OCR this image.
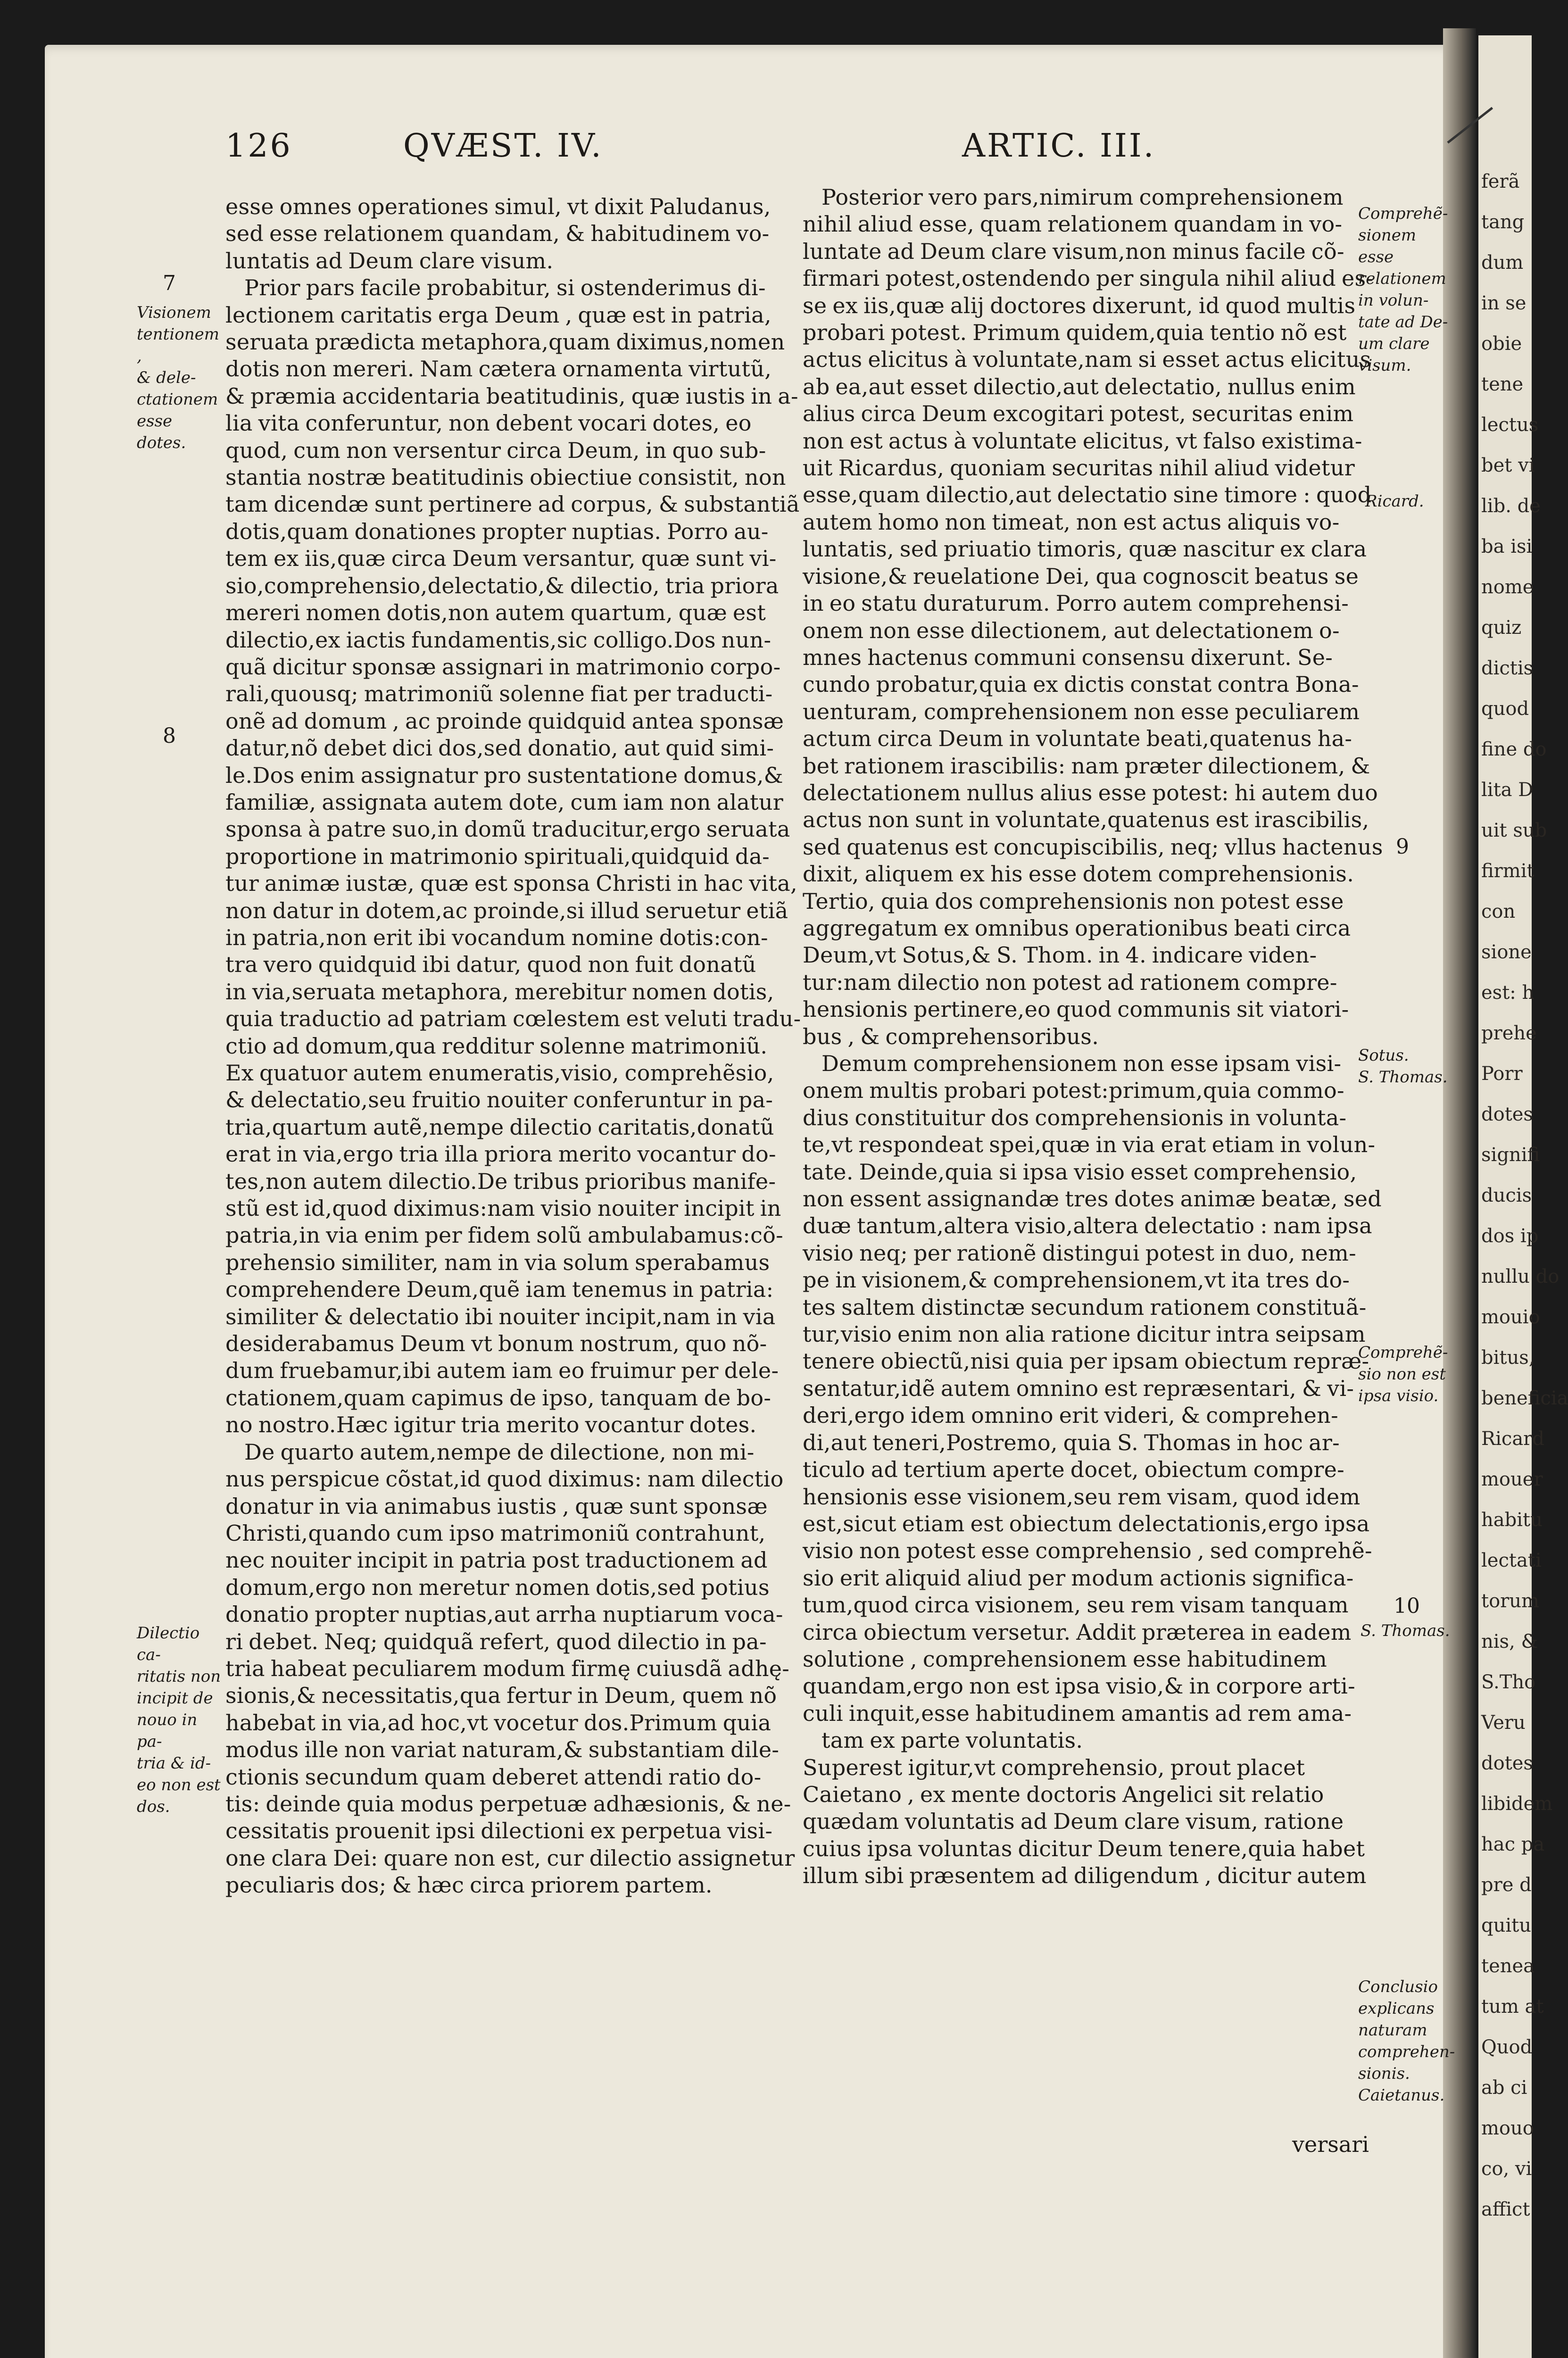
ferã
tang
dum
in se
obie
tene
lectus
bet vi
lib. de
ba isi
nome
quiz
dictis
quod
fine do
lita D
uit sub
firmit
con
sione
est: h
prehe
Porr
dotes
signifi
ducis
dos ip
nullu do
mouio
bitus,
beneficia
Ricard
mouer
habitu
lectati
torum
nis, &
S.Tho
Veru
dotes
libidem
hac pa
pre d
quitu
tenea
tum at
Quod
ab ci
mouo
co, vi
affict
126	QVÆST. IV.	ARTIC. III.
esse omnes operationes simul, vt dixit Paludanus,
sed esse relationem quandam, & habitudinem vo-
luntatis ad Deum clare visum.
Prior pars facile probabitur, si ostenderimus di-
lectionem caritatis erga Deum , quæ est in patria,
seruata prædicta metaphora,quam diximus,nomen
dotis non mereri. Nam cætera ornamenta virtutũ,
& præmia accidentaria beatitudinis, quæ iustis in a-
lia vita conferuntur, non debent vocari dotes, eo
quod, cum non versentur circa Deum, in quo sub-
stantia nostræ beatitudinis obiectiue consistit, non
tam dicendæ sunt pertinere ad corpus, & substantiã
dotis,quam donationes propter nuptias. Porro au-
tem ex iis,quæ circa Deum versantur, quæ sunt vi-
sio,comprehensio,delectatio,& dilectio, tria priora
mereri nomen dotis,non autem quartum, quæ est
dilectio,ex iactis fundamentis,sic colligo.Dos nun-
quã dicitur sponsæ assignari in matrimonio corpo-
rali,quousq; matrimoniũ solenne fiat per traducti-
onẽ ad domum , ac proinde quidquid antea sponsæ
datur,nõ debet dici dos,sed donatio, aut quid simi-
le.Dos enim assignatur pro sustentatione domus,&
familiæ, assignata autem dote, cum iam non alatur
sponsa à patre suo,in domũ traducitur,ergo seruata
proportione in matrimonio spirituali,quidquid da-
tur animæ iustæ, quæ est sponsa Christi in hac vita,
non datur in dotem,ac proinde,si illud seruetur etiã
in patria,non erit ibi vocandum nomine dotis:con-
tra vero quidquid ibi datur, quod non fuit donatũ
in via,seruata metaphora, merebitur nomen dotis,
quia traductio ad patriam cœlestem est veluti tradu-
ctio ad domum,qua redditur solenne matrimoniũ.
Ex quatuor autem enumeratis,visio, comprehẽsio,
& delectatio,seu fruitio nouiter conferuntur in pa-
tria,quartum autẽ,nempe dilectio caritatis,donatũ
erat in via,ergo tria illa priora merito vocantur do-
tes,non autem dilectio.De tribus prioribus manife-
stũ est id,quod diximus:nam visio nouiter incipit in
patria,in via enim per fidem solũ ambulabamus:cõ-
prehensio similiter, nam in via solum sperabamus
comprehendere Deum,quẽ iam tenemus in patria:
similiter & delectatio ibi nouiter incipit,nam in via
desiderabamus Deum vt bonum nostrum, quo nõ-
dum fruebamur,ibi autem iam eo fruimur per dele-
ctationem,quam capimus de ipso, tanquam de bo-
no nostro.Hæc igitur tria merito vocantur dotes.
De quarto autem,nempe de dilectione, non mi-
nus perspicue cõstat,id quod diximus: nam dilectio
donatur in via animabus iustis , quæ sunt sponsæ
Christi,quando cum ipso matrimoniũ contrahunt,
nec nouiter incipit in patria post traductionem ad
domum,ergo non meretur nomen dotis,sed potius
donatio propter nuptias,aut arrha nuptiarum voca-
ri debet. Neq; quidquã refert, quod dilectio in pa-
tria habeat peculiarem modum firmę cuiusdã adhę-
sionis,& necessitatis,qua fertur in Deum, quem nõ
habebat in via,ad hoc,vt vocetur dos.Primum quia
modus ille non variat naturam,& substantiam dile-
ctionis secundum quam deberet attendi ratio do-
tis: deinde quia modus perpetuæ adhæsionis, & ne-
cessitatis prouenit ipsi dilectioni ex perpetua visi-
one clara Dei: quare non est, cur dilectio assignetur
peculiaris dos; & hæc circa priorem partem.
Posterior vero pars,nimirum comprehensionem
nihil aliud esse, quam relationem quandam in vo-
luntate ad Deum clare visum,non minus facile cõ-
firmari potest,ostendendo per singula nihil aliud es-
se ex iis,quæ alij doctores dixerunt, id quod multis
probari potest. Primum quidem,quia tentio nõ est
actus elicitus à voluntate,nam si esset actus elicitus
ab ea,aut esset dilectio,aut delectatio, nullus enim
alius circa Deum excogitari potest, securitas enim
non est actus à voluntate elicitus, vt falso existima-
uit Ricardus, quoniam securitas nihil aliud videtur
esse,quam dilectio,aut delectatio sine timore : quod
autem homo non timeat, non est actus aliquis vo-
luntatis, sed priuatio timoris, quæ nascitur ex clara
visione,& reuelatione Dei, qua cognoscit beatus se
in eo statu duraturum. Porro autem comprehensi-
onem non esse dilectionem, aut delectationem o-
mnes hactenus communi consensu dixerunt. Se-
cundo probatur,quia ex dictis constat contra Bona-
uenturam, comprehensionem non esse peculiarem
actum circa Deum in voluntate beati,quatenus ha-
bet rationem irascibilis: nam præter dilectionem, &
delectationem nullus alius esse potest: hi autem duo
actus non sunt in voluntate,quatenus est irascibilis,
sed quatenus est concupiscibilis, neq; vllus hactenus
dixit, aliquem ex his esse dotem comprehensionis.
Tertio, quia dos comprehensionis non potest esse
aggregatum ex omnibus operationibus beati circa
Deum,vt Sotus,& S. Thom. in 4. indicare viden-
tur:nam dilectio non potest ad rationem compre-
hensionis pertinere,eo quod communis sit viatori-
bus , & comprehensoribus.
Demum comprehensionem non esse ipsam visi-
onem multis probari potest:primum,quia commo-
dius constituitur dos comprehensionis in volunta-
te,vt respondeat spei,quæ in via erat etiam in volun-
tate. Deinde,quia si ipsa visio esset comprehensio,
non essent assignandæ tres dotes animæ beatæ, sed
duæ tantum,altera visio,altera delectatio : nam ipsa
visio neq; per rationẽ distingui potest in duo, nem-
pe in visionem,& comprehensionem,vt ita tres do-
tes saltem distinctæ secundum rationem constituã-
tur,visio enim non alia ratione dicitur intra seipsam
tenere obiectũ,nisi quia per ipsam obiectum repræ-
sentatur,idẽ autem omnino est repræsentari, & vi-
deri,ergo idem omnino erit videri, & comprehen-
di,aut teneri,Postremo, quia S. Thomas in hoc ar-
ticulo ad tertium aperte docet, obiectum compre-
hensionis esse visionem,seu rem visam, quod idem
est,sicut etiam est obiectum delectationis,ergo ipsa
visio non potest esse comprehensio , sed comprehẽ-
sio erit aliquid aliud per modum actionis significa-
tum,quod circa visionem, seu rem visam tanquam
circa obiectum versetur. Addit præterea in eadem
solutione , comprehensionem esse habitudinem
quandam,ergo non est ipsa visio,& in corpore arti-
culi inquit,esse habitudinem amantis ad rem ama-
tam ex parte voluntatis.
Superest igitur,vt comprehensio, prout placet
Caietano , ex mente doctoris Angelici sit relatio
quædam voluntatis ad Deum clare visum, ratione
cuius ipsa voluntas dicitur Deum tenere,quia habet
illum sibi præsentem ad diligendum , dicitur autem
versari
7
Visionem
tentionem ,
& dele-
ctationem
esse dotes.
8
Dilectio ca-
ritatis non
incipit de
nouo in pa-
tria & id-
eo non est
dos.
Comprehẽ-
sionem esse
relationem
in volun-
tate ad De-
um clare
visum.
Ricard.
9
Sotus.
S. Thomas.
Comprehẽ-
sio non est
ipsa visio.
10
S. Thomas.
Conclusio
explicans
naturam
comprehen-
sionis.
Caietanus.
